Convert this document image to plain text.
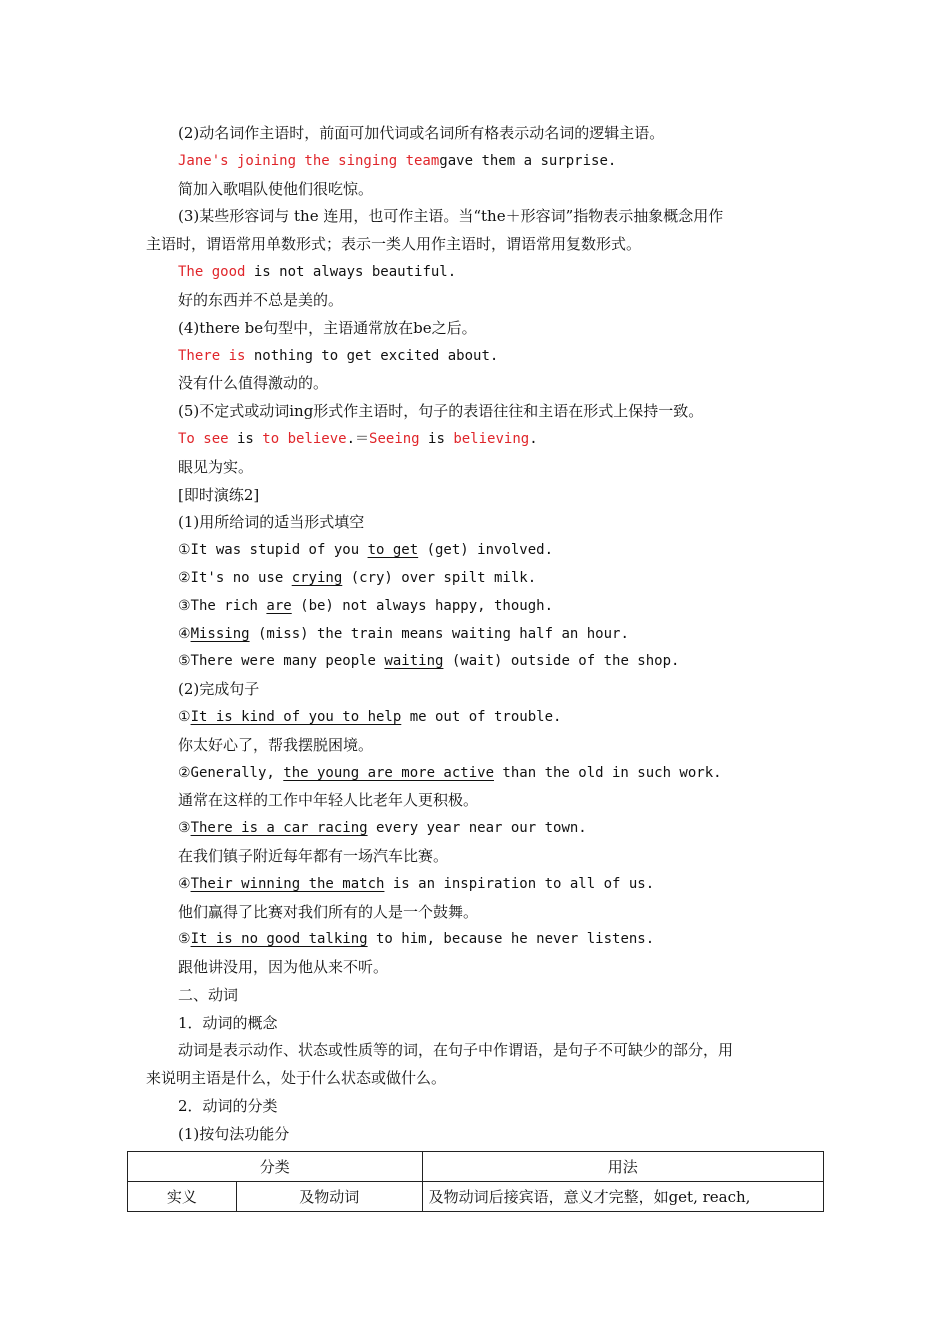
(2)动名词作主语时，前面可加代词或名词所有格表示动名词的逻辑主语。
Jane's joining the singing teamgave them a surprise.
简加入歌唱队使他们很吃惊。
(3)某些形容词与 the 连用，也可作主语。当“the＋形容词”指物表示抽象概念用作
主语时，谓语常用单数形式；表示一类人用作主语时，谓语常用复数形式。
The good is not always beautiful.
好的东西并不总是美的。
(4)there be句型中，主语通常放在be之后。
There is nothing to get excited about.
没有什么值得激动的。
(5)不定式或动词ing形式作主语时，句子的表语往往和主语在形式上保持一致。
To see is to believe.＝Seeing is believing.
眼见为实。
[即时演练2]
(1)用所给词的适当形式填空
①It was stupid of you to get (get) involved.
②It's no use crying (cry) over spilt milk.
③The rich are (be) not always happy, though.
④Missing (miss) the train means waiting half an hour.
⑤There were many people waiting (wait) outside of the shop.
(2)完成句子
①It is kind of you to help me out of trouble.
你太好心了，帮我摆脱困境。
②Generally, the young are more active than the old in such work.
通常在这样的工作中年轻人比老年人更积极。
③There is a car racing every year near our town.
在我们镇子附近每年都有一场汽车比赛。
④Their winning the match is an inspiration to all of us.
他们赢得了比赛对我们所有的人是一个鼓舞。
⑤It is no good talking to him, because he never listens.
跟他讲没用，因为他从来不听。
二、动词
1．动词的概念
动词是表示动作、状态或性质等的词，在句子中作谓语，是句子不可缺少的部分，用
来说明主语是什么，处于什么状态或做什么。
2．动词的分类
(1)按句法功能分
分类		用法
实义	及物动词	及物动词后接宾语，意义才完整，如get, reach,
